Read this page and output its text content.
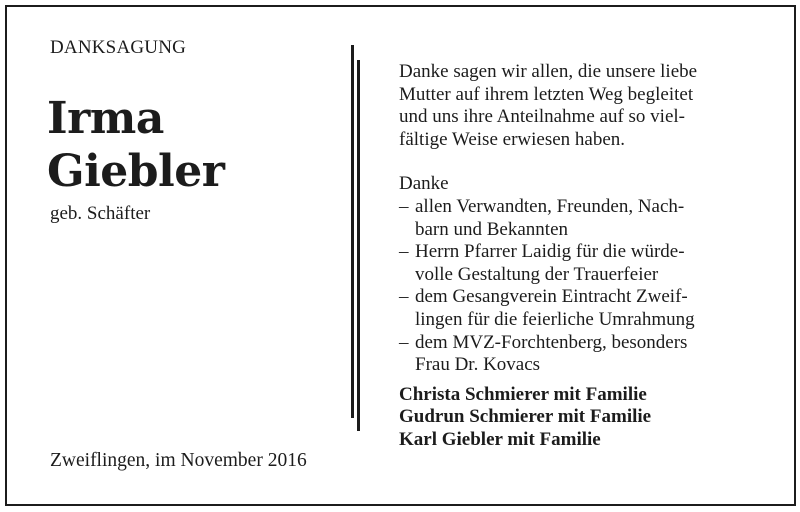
DANKSAGUNG
Irma
Giebler
geb. Schäfter
Zweiflingen, im November 2016

Danke sagen wir allen, die unsere liebe
Mutter auf ihrem letzten Weg begleitet
und uns ihre Anteilnahme auf so viel-
fältige Weise erwiesen haben.

Danke

– allen Verwandten, Freunden, Nach-
barn und Bekannten
– Herrn Pfarrer Laidig für die würde-
volle Gestaltung der Trauerfeier
– dem Gesangverein Eintracht Zweif-
lingen für die feierliche Umrahmung
– dem MVZ-Forchtenberg, besonders
Frau Dr. Kovacs

Christa Schmierer mit Familie
Gudrun Schmierer mit Familie
Karl Giebler mit Familie
